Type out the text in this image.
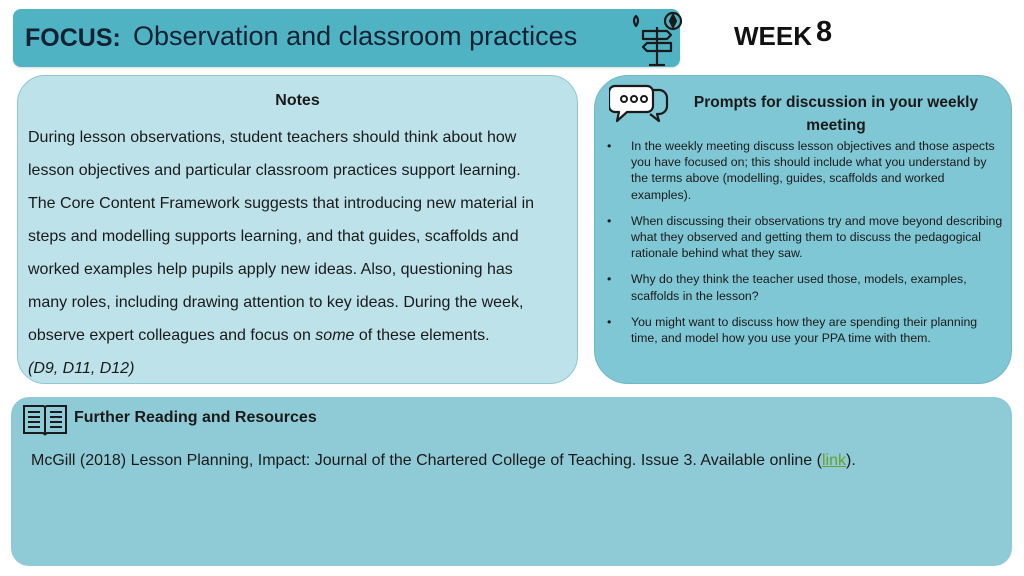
FOCUS: Observation and classroom practices	WEEK 8
Notes

During lesson observations, student teachers should think about how

lesson objectives and particular classroom practices support learning.

The Core Content Framework suggests that introducing new material in

steps and modelling supports learning, and that guides, scaffolds and

worked examples help pupils apply new ideas. Also, questioning has

many roles, including drawing attention to key ideas. During the week,

observe expert colleagues and focus on some of these elements.

(D9, D11, D12)

Prompts for discussion in your weekly meeting
• In the weekly meeting discuss lesson objectives and those aspects you have focused on; this should include what you understand by the terms above (modelling, guides, scaffolds and worked examples).
• When discussing their observations try and move beyond describing what they observed and getting them to discuss the pedagogical rationale behind what they saw.
• Why do they think the teacher used those, models, examples, scaffolds in the lesson?
• You might want to discuss how they are spending their planning time, and model how you use your PPA time with them.
Further Reading and Resources
McGill (2018) Lesson Planning, Impact: Journal of the Chartered College of Teaching. Issue 3. Available online (link).
